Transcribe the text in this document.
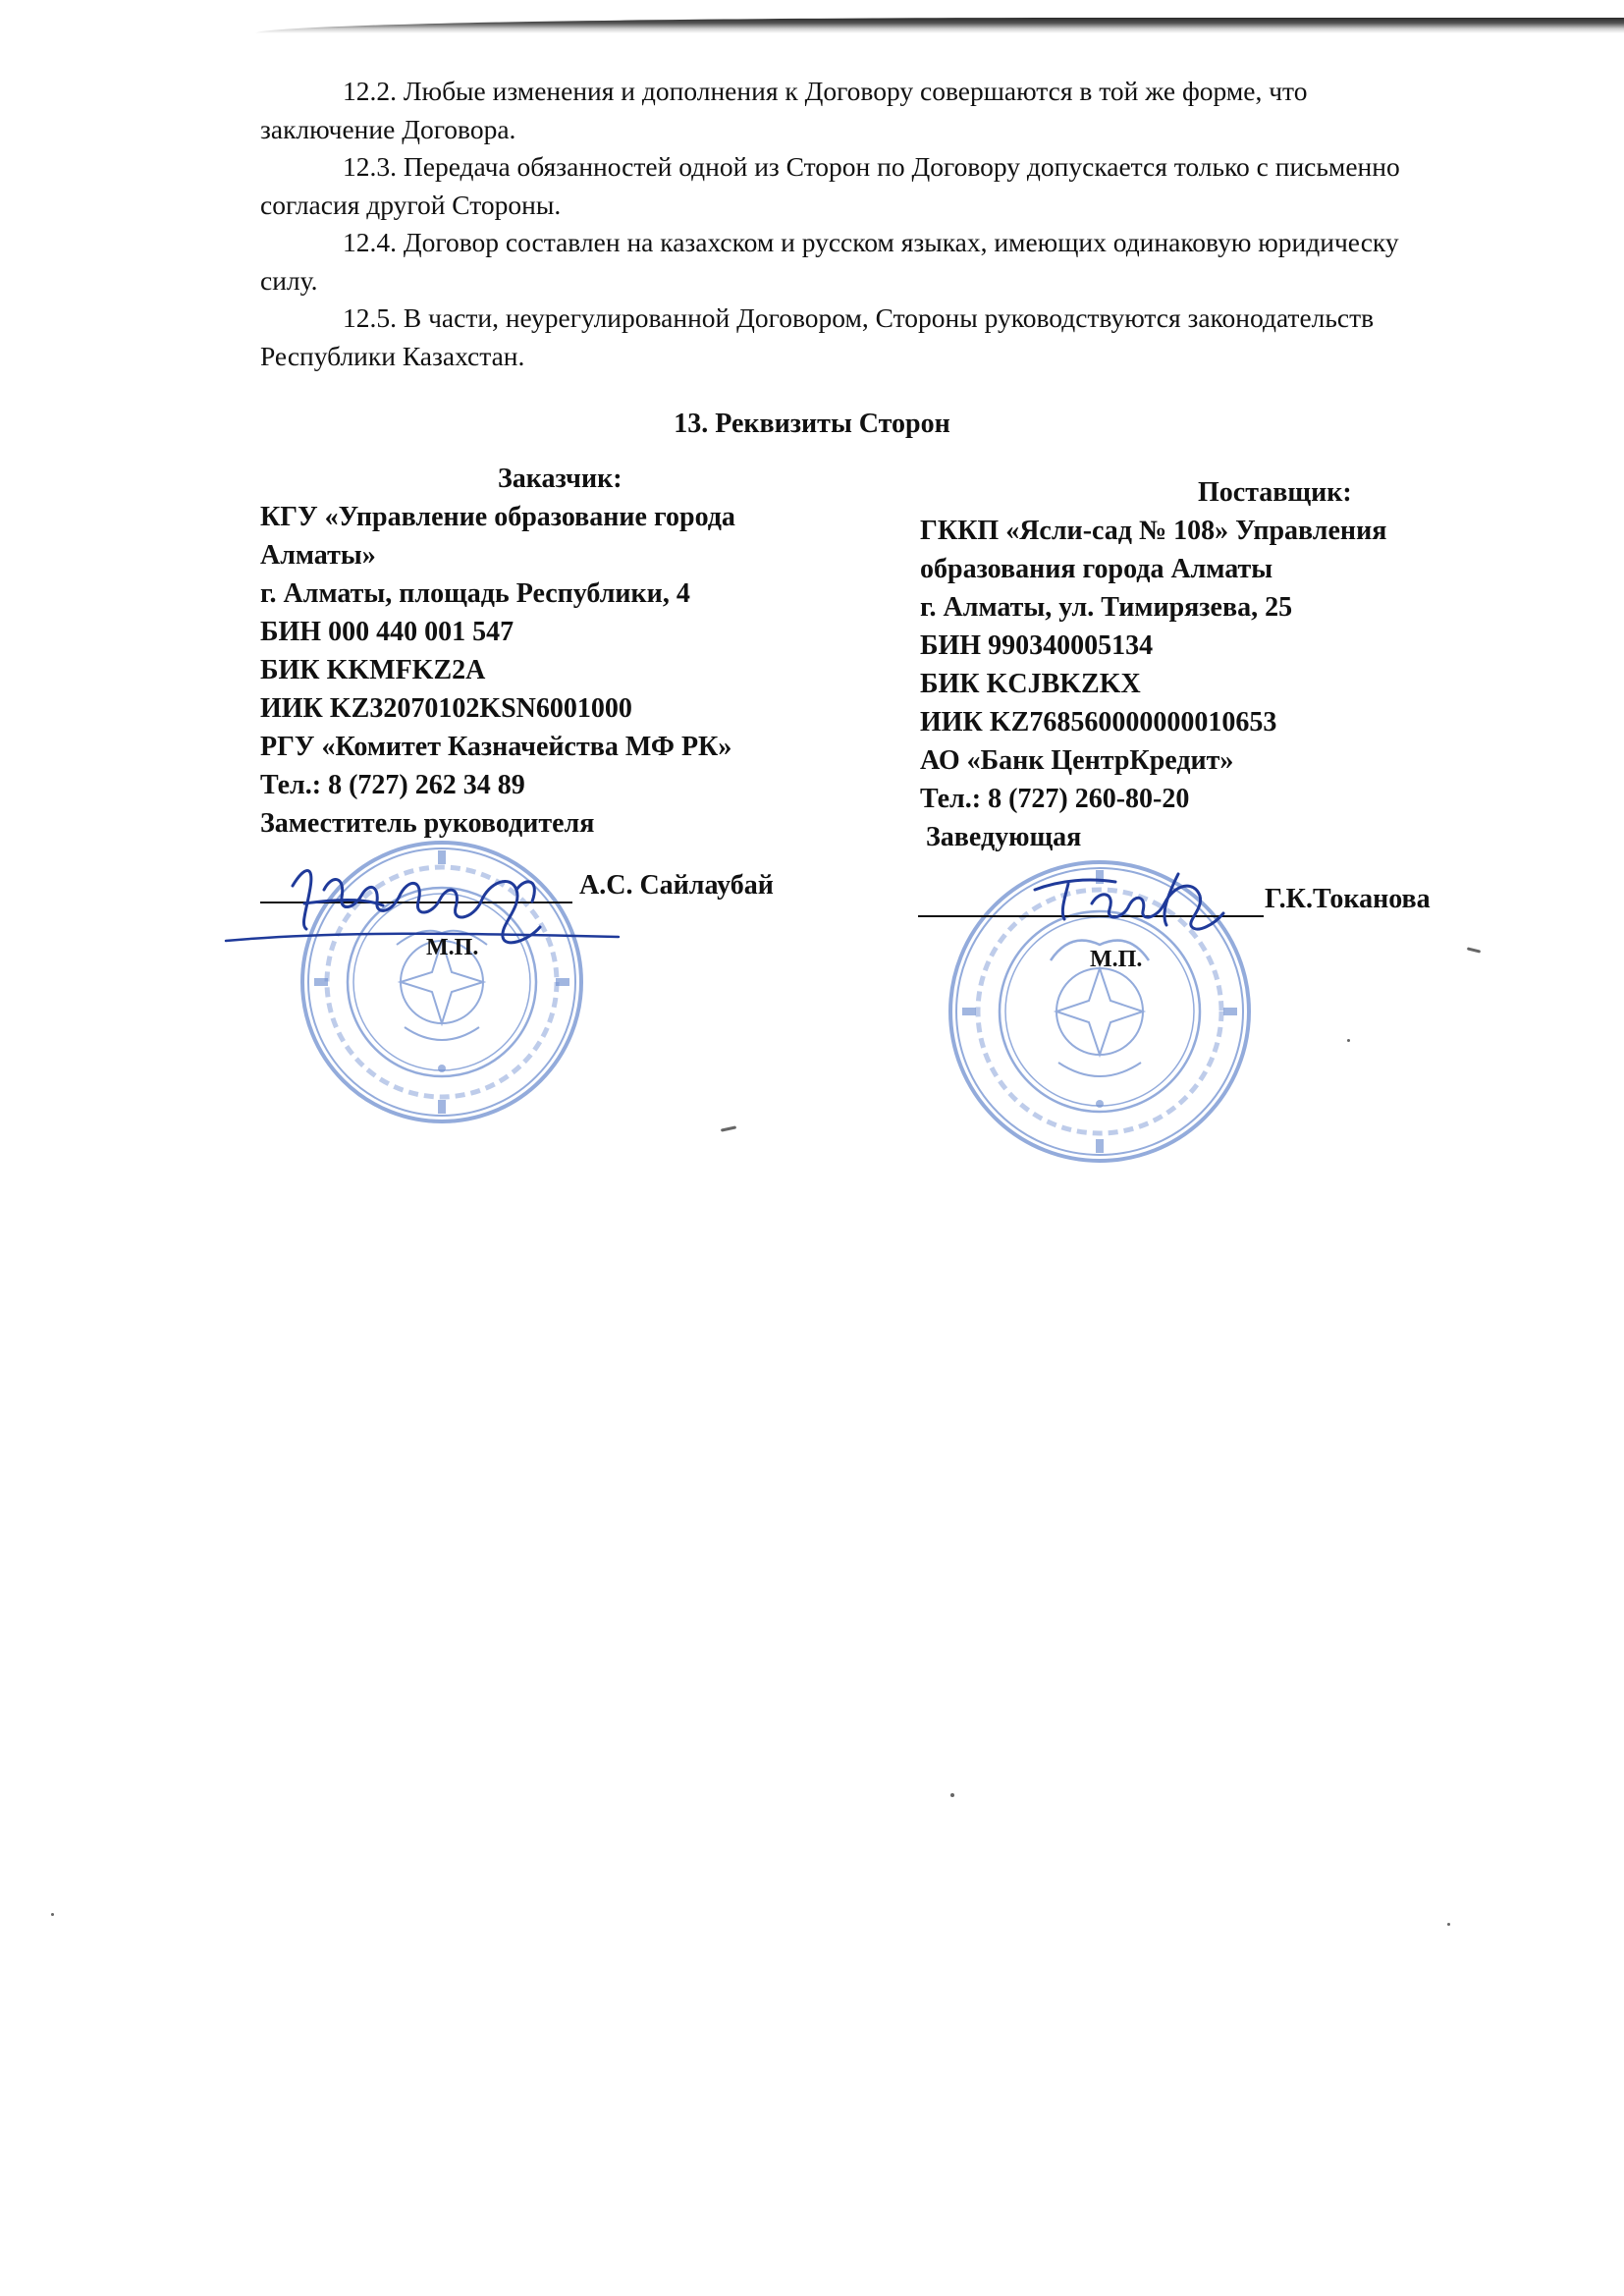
12.2. Любые изменения и дополнения к Договору совершаются в той же форме, что
заключение Договора.

12.3. Передача обязанностей одной из Сторон по Договору допускается только с письменно
согласия другой Стороны.

12.4. Договор составлен на казахском и русском языках, имеющих одинаковую юридическу
силу.

12.5. В части, неурегулированной Договором, Стороны руководствуются законодательств
Республики Казахстан.

13. Реквизиты Сторон
Заказчик:
КГУ «Управление образование города
Алматы»
г. Алматы, площадь Республики, 4
БИН 000 440 001 547
БИК KKMFKZ2A
ИИК KZ32070102KSN6001000
РГУ «Комитет Казначейства МФ РК»
Тел.: 8 (727) 262 34 89
Заместитель руководителя
Поставщик:
ГККП «Ясли-сад № 108» Управления
образования города Алматы
г. Алматы, ул. Тимирязева, 25
БИН 990340005134
БИК KCJBKZKX
ИИК KZ768560000000010653
АО «Банк ЦентрКредит»
Тел.: 8 (727) 260-80-20
Заведующая
А.С. Сайлаубай
М.П.
Г.К.Токанова
М.П.
